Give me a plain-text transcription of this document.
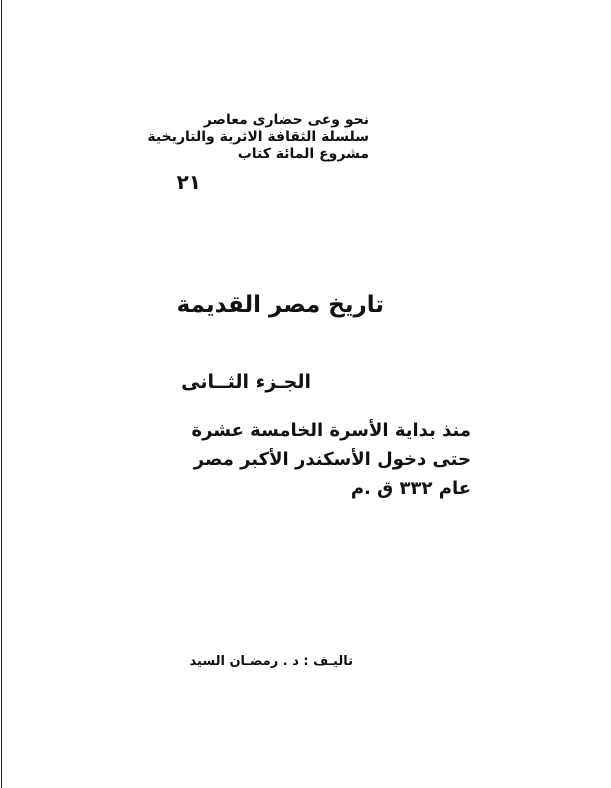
نحو وعى حضارى معاصر
سلسلة الثقافة الاثرية والتاريخية
مشروع المائة كتاب
٢١
تاريخ مصر القديمة
الجـزء الثــانى
منذ بداية الأسرة الخامسة عشرة
حتى دخول الأسكندر الأكبر مصر
عام ٣٣٢ ق .م
تاليـف : د . رمضـان السيد
